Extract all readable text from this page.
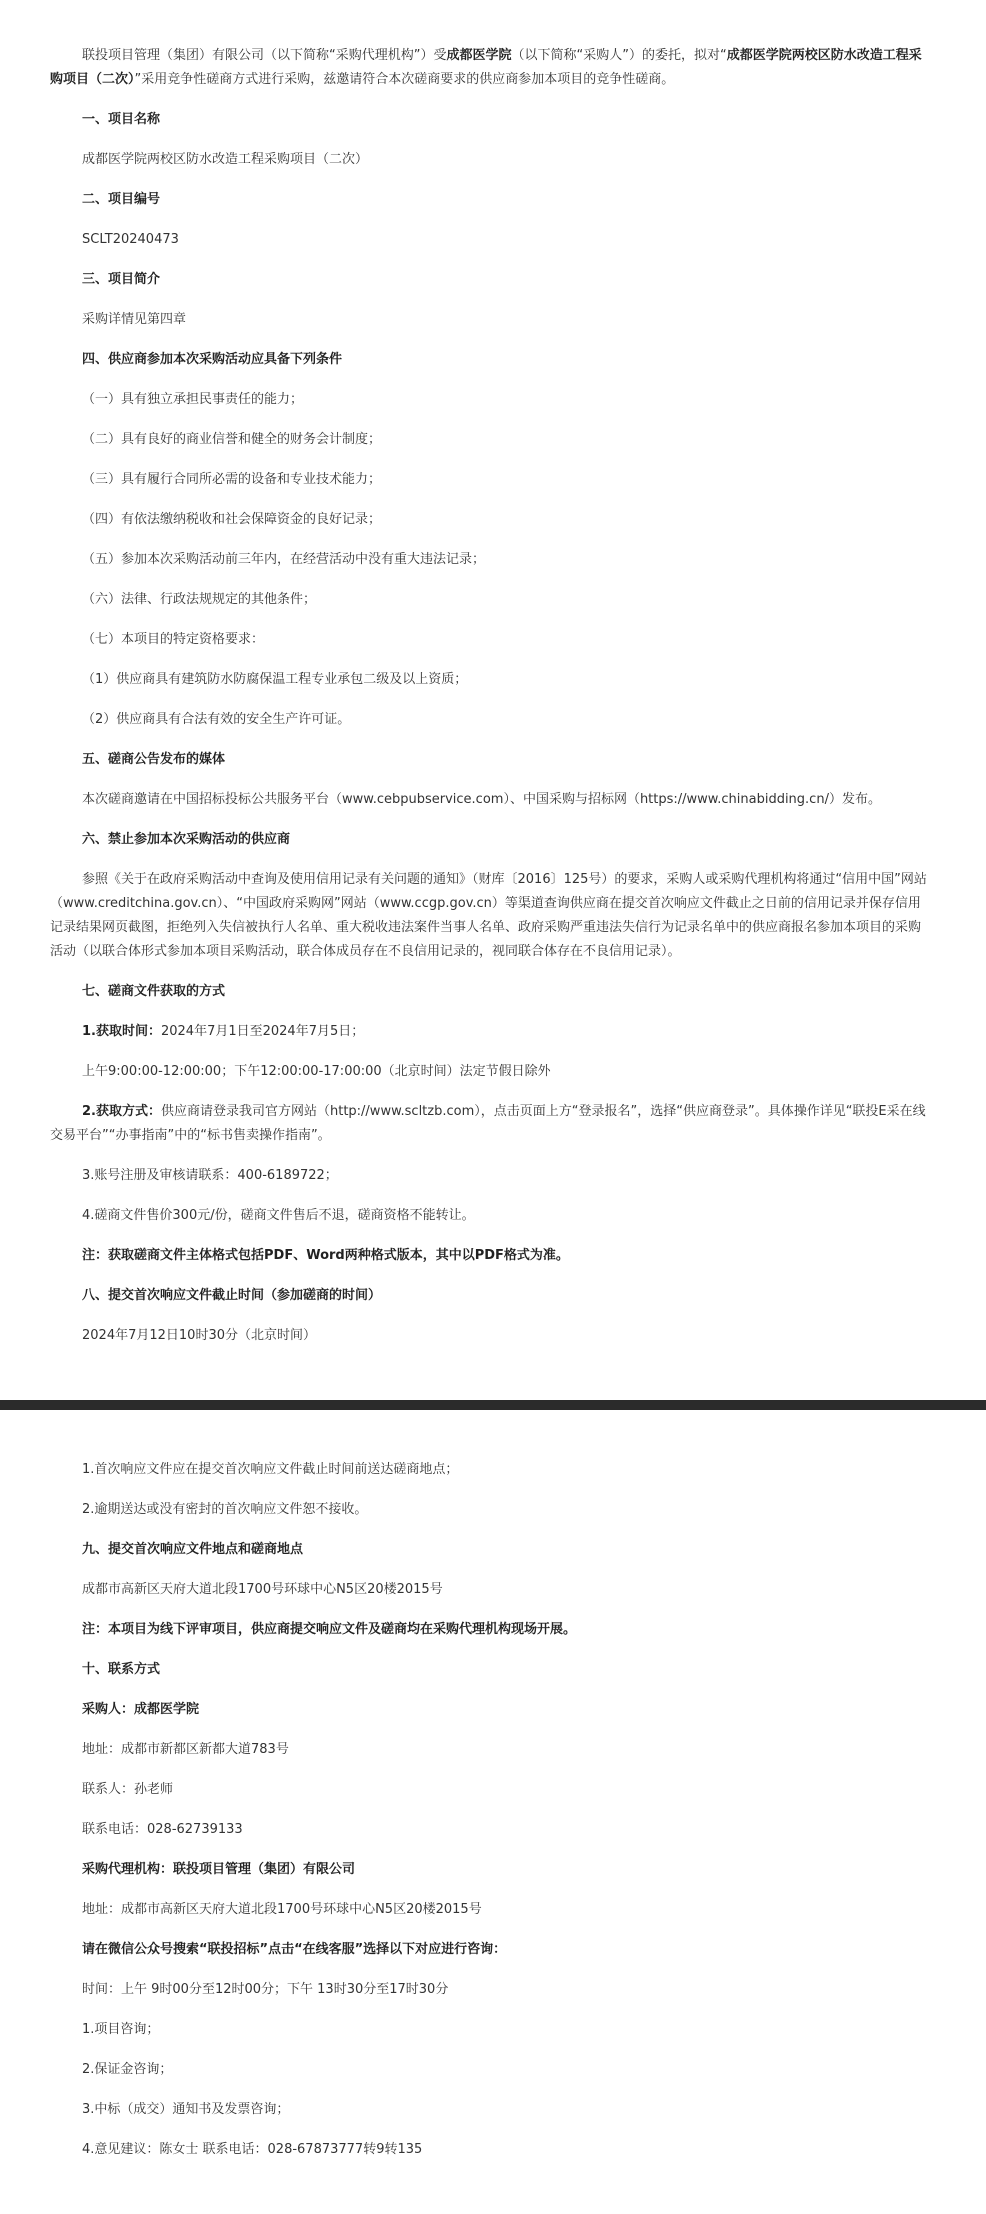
联投项目管理（集团）有限公司（以下简称“采购代理机构”）受成都医学院（以下简称“采购人”）的委托，拟对“成都医学院两校区防水改造工程采购项目（二次）”采用竞争性磋商方式进行采购，兹邀请符合本次磋商要求的供应商参加本项目的竞争性磋商。

一、项目名称

成都医学院两校区防水改造工程采购项目（二次）

二、项目编号

SCLT20240473

三、项目简介

采购详情见第四章

四、供应商参加本次采购活动应具备下列条件

（一）具有独立承担民事责任的能力；

（二）具有良好的商业信誉和健全的财务会计制度；

（三）具有履行合同所必需的设备和专业技术能力；

（四）有依法缴纳税收和社会保障资金的良好记录；

（五）参加本次采购活动前三年内，在经营活动中没有重大违法记录；

（六）法律、行政法规规定的其他条件；

（七）本项目的特定资格要求：

（1）供应商具有建筑防水防腐保温工程专业承包二级及以上资质；

（2）供应商具有合法有效的安全生产许可证。

五、磋商公告发布的媒体

本次磋商邀请在中国招标投标公共服务平台（www.cebpubservice.com）、中国采购与招标网（https://www.chinabidding.cn/）发布。

六、禁止参加本次采购活动的供应商

参照《关于在政府采购活动中查询及使用信用记录有关问题的通知》（财库〔2016〕125号）的要求，采购人或采购代理机构将通过“信用中国”网站（www.creditchina.gov.cn）、“中国政府采购网”网站（www.ccgp.gov.cn）等渠道查询供应商在提交首次响应文件截止之日前的信用记录并保存信用记录结果网页截图，拒绝列入失信被执行人名单、重大税收违法案件当事人名单、政府采购严重违法失信行为记录名单中的供应商报名参加本项目的采购活动（以联合体形式参加本项目采购活动，联合体成员存在不良信用记录的，视同联合体存在不良信用记录）。

七、磋商文件获取的方式

1.获取时间：2024年7月1日至2024年7月5日；

上午9:00:00-12:00:00；下午12:00:00-17:00:00（北京时间）法定节假日除外

2.获取方式：供应商请登录我司官方网站（http://www.scltzb.com），点击页面上方“登录报名”，选择“供应商登录”。具体操作详见“联投E采在线交易平台”“办事指南”中的“标书售卖操作指南”。

3.账号注册及审核请联系：400-6189722；

4.磋商文件售价300元/份，磋商文件售后不退，磋商资格不能转让。

注：获取磋商文件主体格式包括PDF、Word两种格式版本，其中以PDF格式为准。

八、提交首次响应文件截止时间（参加磋商的时间）

2024年7月12日10时30分（北京时间）

1.首次响应文件应在提交首次响应文件截止时间前送达磋商地点；

2.逾期送达或没有密封的首次响应文件恕不接收。

九、提交首次响应文件地点和磋商地点

成都市高新区天府大道北段1700号环球中心N5区20楼2015号

注：本项目为线下评审项目，供应商提交响应文件及磋商均在采购代理机构现场开展。

十、联系方式

采购人：成都医学院

地址：成都市新都区新都大道783号

联系人：孙老师

联系电话：028-62739133

采购代理机构：联投项目管理（集团）有限公司

地址：成都市高新区天府大道北段1700号环球中心N5区20楼2015号

请在微信公众号搜索“联投招标”点击“在线客服”选择以下对应进行咨询：

时间：上午 9时00分至12时00分；下午 13时30分至17时30分

1.项目咨询；

2.保证金咨询；

3.中标（成交）通知书及发票咨询；

4.意见建议：陈女士 联系电话：028-67873777转9转135
